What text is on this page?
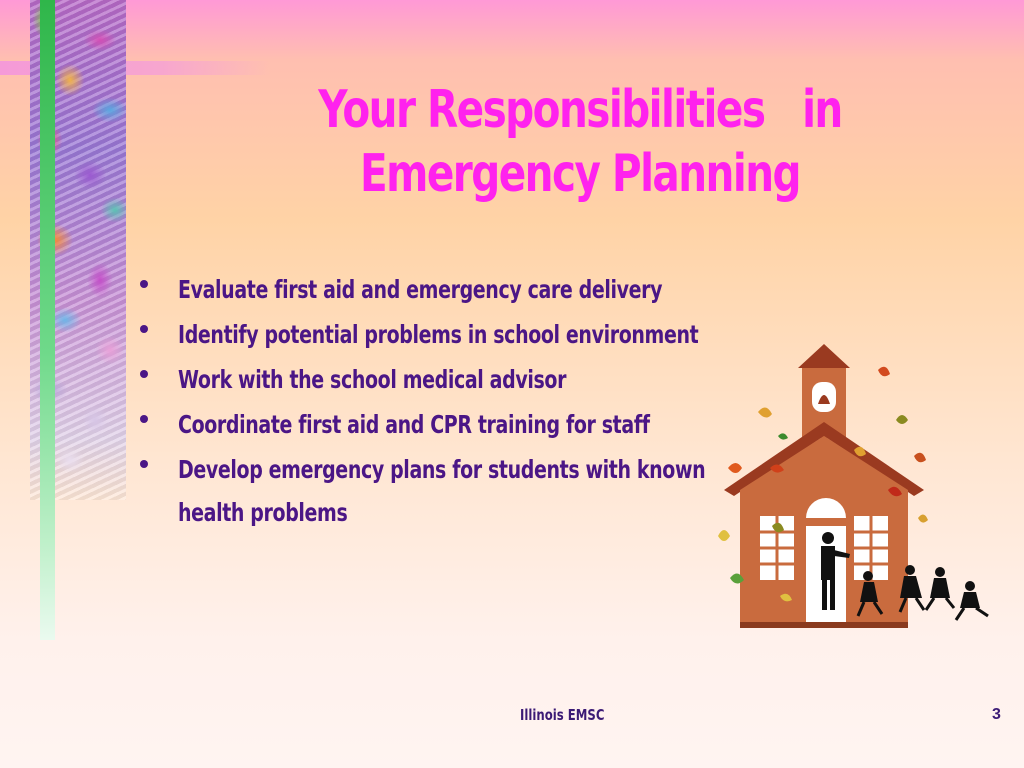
Your Responsibilities   in
Emergency Planning
Evaluate first aid and emergency care delivery
Identify potential problems in school environment
Work with the school medical advisor
Coordinate first aid and CPR training for staff
Develop emergency plans for students with known health problems
Illinois EMSC	3
